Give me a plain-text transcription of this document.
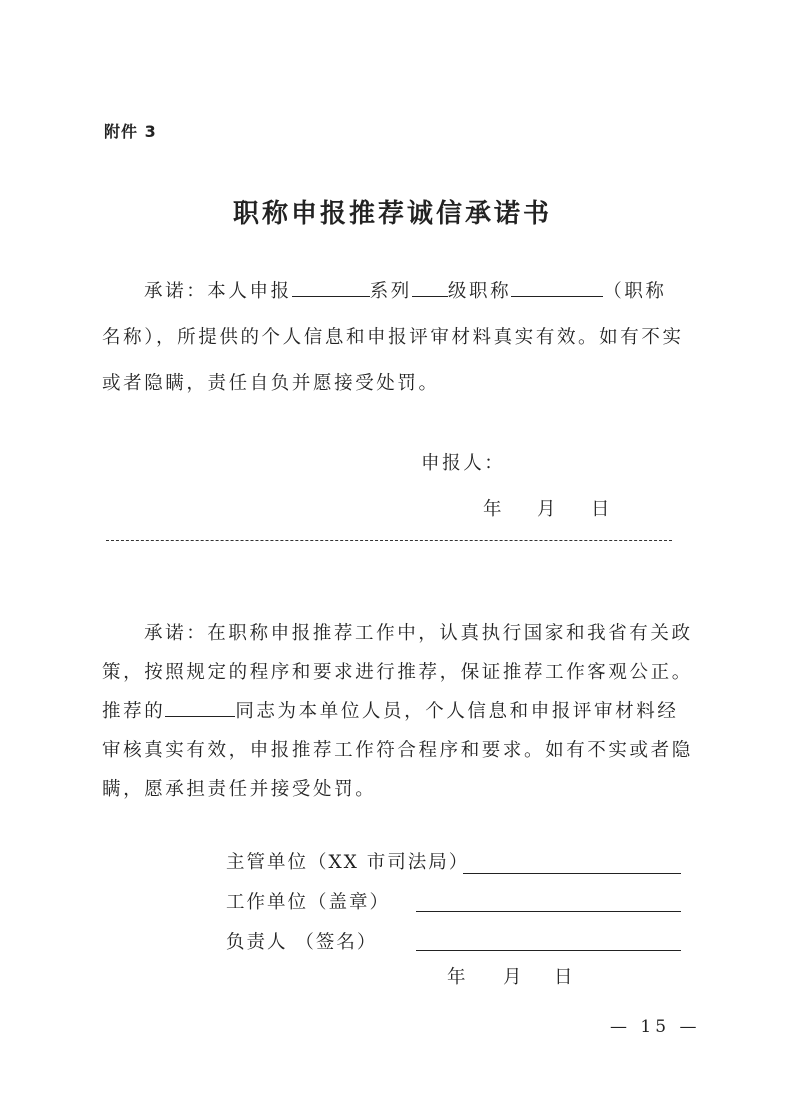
附件 3
职称申报推荐诚信承诺书
承诺：本人申报	系列 级职称	（职称
名称），所提供的个人信息和申报评审材料真实有效。如有不实
或者隐瞒，责任自负并愿接受处罚。
申报人：
年 月 日
承诺：在职称申报推荐工作中，认真执行国家和我省有关政
策，按照规定的程序和要求进行推荐，保证推荐工作客观公正。
推荐的	同志为本单位人员，个人信息和申报评审材料经
审核真实有效，申报推荐工作符合程序和要求。如有不实或者隐
瞒，愿承担责任并接受处罚。
主管单位（XX 市司法局）
工作单位（盖章）
负责人 （签名）
年 月 日
— 15 —
